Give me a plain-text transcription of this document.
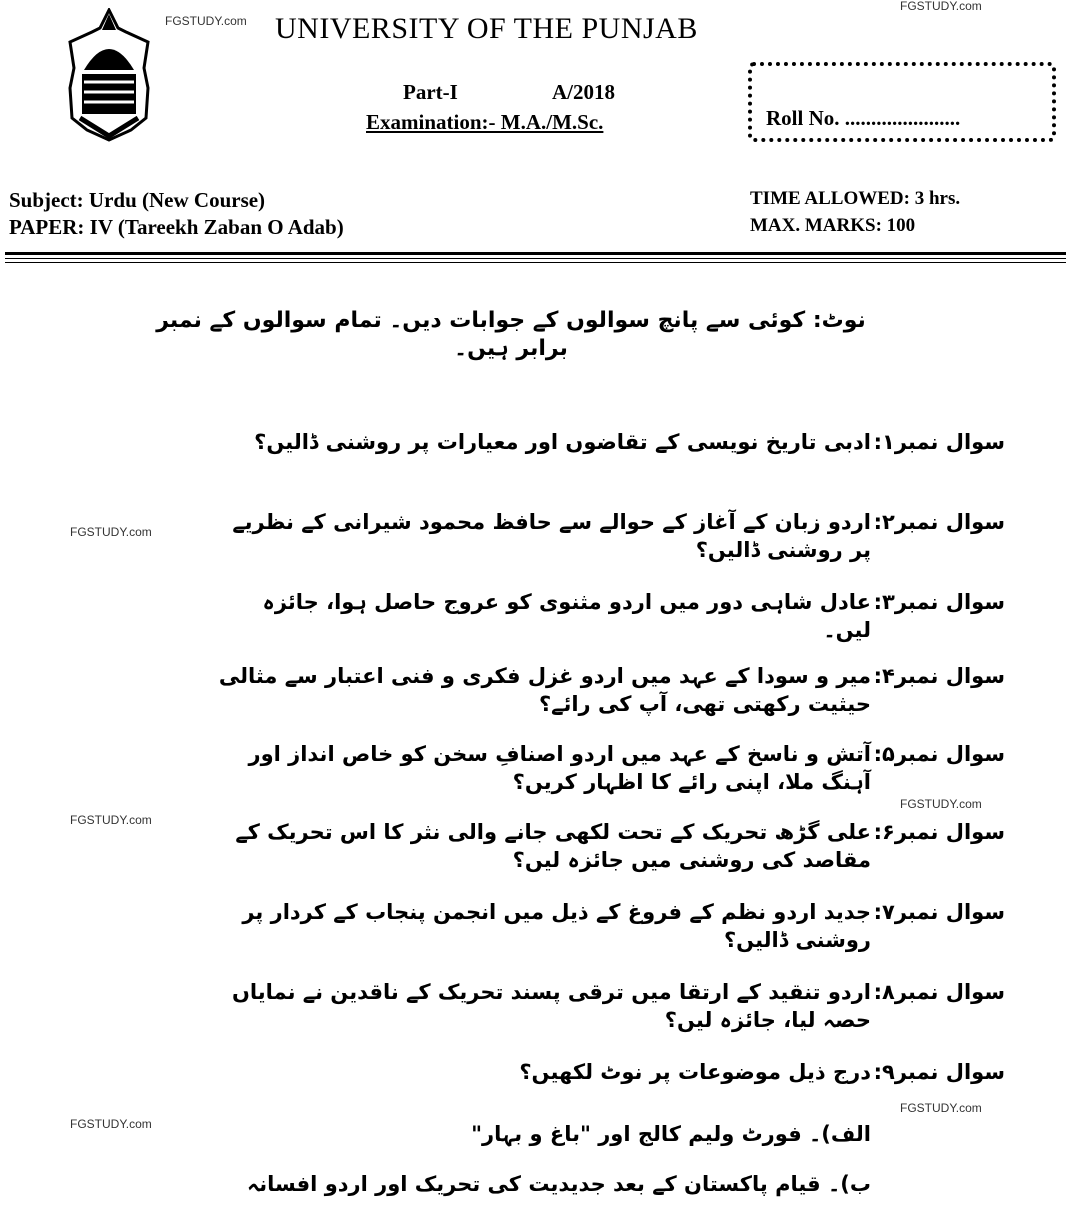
FGSTUDY.com
FGSTUDY.com
FGSTUDY.com
FGSTUDY.com
FGSTUDY.com
FGSTUDY.com
FGSTUDY.com
UNIVERSITY OF THE PUNJAB
Part-I	A/2018
Examination:- M.A./M.Sc.	Roll No. ......................
Subject: Urdu (New Course)
PAPER: IV (Tareekh Zaban O Adab)
TIME ALLOWED: 3 hrs.
MAX. MARKS: 100
نوٹ: کوئی سے پانچ سوالوں کے جوابات دیں۔ تمام سوالوں کے نمبر برابر ہیں۔
سوال نمبر۱:
ادبی تاریخ نویسی کے تقاضوں اور معیارات پر روشنی ڈالیں؟
سوال نمبر۲:
اردو زبان کے آغاز کے حوالے سے حافظ محمود شیرانی کے نظریے پر روشنی ڈالیں؟
سوال نمبر۳:
عادل شاہی دور میں اردو مثنوی کو عروج حاصل ہوا، جائزہ لیں۔
سوال نمبر۴:
میر و سودا کے عہد میں اردو غزل فکری و فنی اعتبار سے مثالی حیثیت رکھتی تھی، آپ کی رائے؟
سوال نمبر۵:
آتش و ناسخ کے عہد میں اردو اصنافِ سخن کو خاص انداز اور آہنگ ملا، اپنی رائے کا اظہار کریں؟
سوال نمبر۶:
علی گڑھ تحریک کے تحت لکھی جانے والی نثر کا اس تحریک کے مقاصد کی روشنی میں جائزہ لیں؟
سوال نمبر۷:
جدید اردو نظم کے فروغ کے ذیل میں انجمن پنجاب کے کردار پر روشنی ڈالیں؟
سوال نمبر۸:
اردو تنقید کے ارتقا میں ترقی پسند تحریک کے ناقدین نے نمایاں حصہ لیا، جائزہ لیں؟
سوال نمبر۹:
درج ذیل موضوعات پر نوٹ لکھیں؟
الف)۔ فورٹ ولیم کالج اور "باغ و بہار"
ب)۔ قیام پاکستان کے بعد جدیدیت کی تحریک اور اردو افسانہ
